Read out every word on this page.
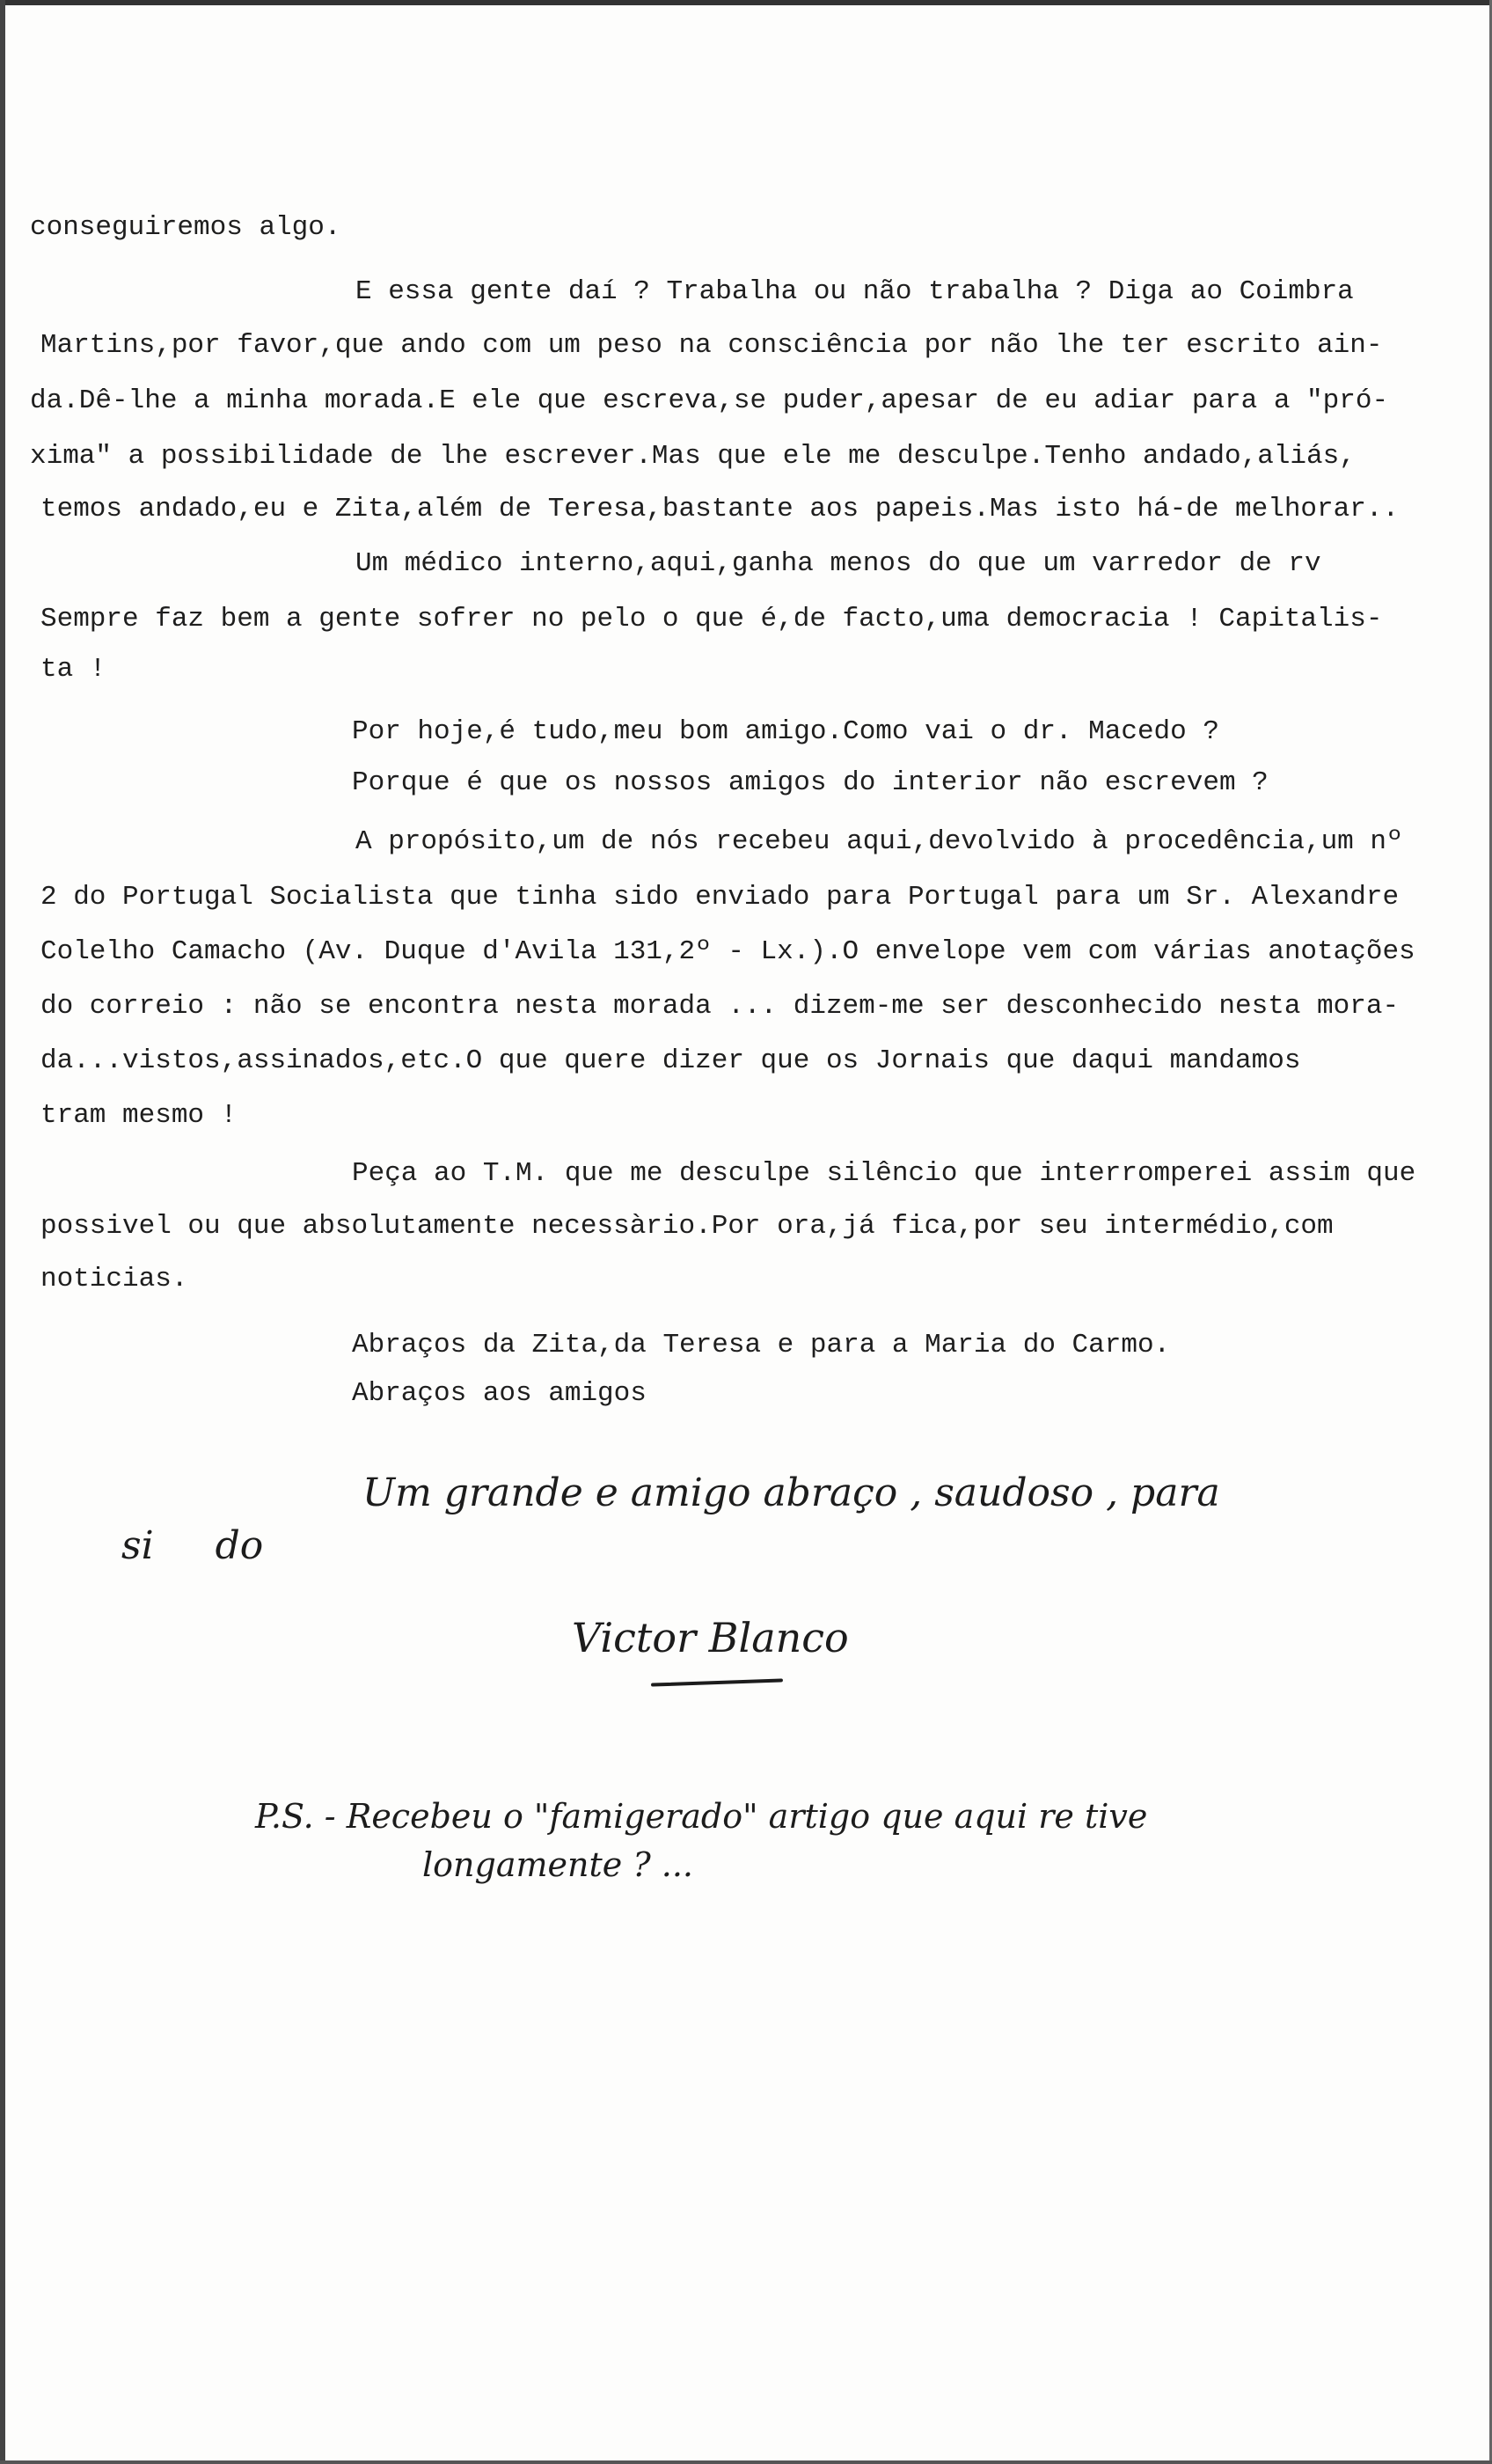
conseguiremos algo.

E essa gente daí ? Trabalha ou não trabalha ? Diga ao Coimbra

Martins,por favor,que ando com um peso na consciência por não lhe ter escrito ain-

da.Dê-lhe a minha morada.E ele que escreva,se puder,apesar de eu adiar para a "pró-

xima" a possibilidade de lhe escrever.Mas que ele me desculpe.Tenho andado,aliás,

temos andado,eu e Zita,além de Teresa,bastante aos papeis.Mas isto há-de melhorar..

Um médico interno,aqui,ganha menos do que um varredor de rv

Sempre faz bem a gente sofrer no pelo o que é,de facto,uma democracia ! Capitalis-

ta !

Por hoje,é tudo,meu bom amigo.Como vai o dr. Macedo ?

Porque é que os nossos amigos do interior não escrevem ?

A propósito,um de nós recebeu aqui,devolvido à procedência,um nº

2 do Portugal Socialista que tinha sido enviado para Portugal para um Sr. Alexandre

Colelho Camacho (Av. Duque d'Avila 131,2º - Lx.).O envelope vem com várias anotações

do correio : não se encontra nesta morada ... dizem-me ser desconhecido nesta mora-

da...vistos,assinados,etc.O que quere dizer que os Jornais que daqui mandamos

tram mesmo !

Peça ao T.M. que me desculpe silêncio que interromperei assim que

possivel ou que absolutamente necessàrio.Por ora,já fica,por seu intermédio,com

noticias.

Abraços da Zita,da Teresa e para a Maria do Carmo.

Abraços aos amigos

Um grande e amigo abraço , saudoso , para
si     do
Victor Blanco
P.S. - Recebeu o "famigerado" artigo que aqui re tive
longamente ? ...
